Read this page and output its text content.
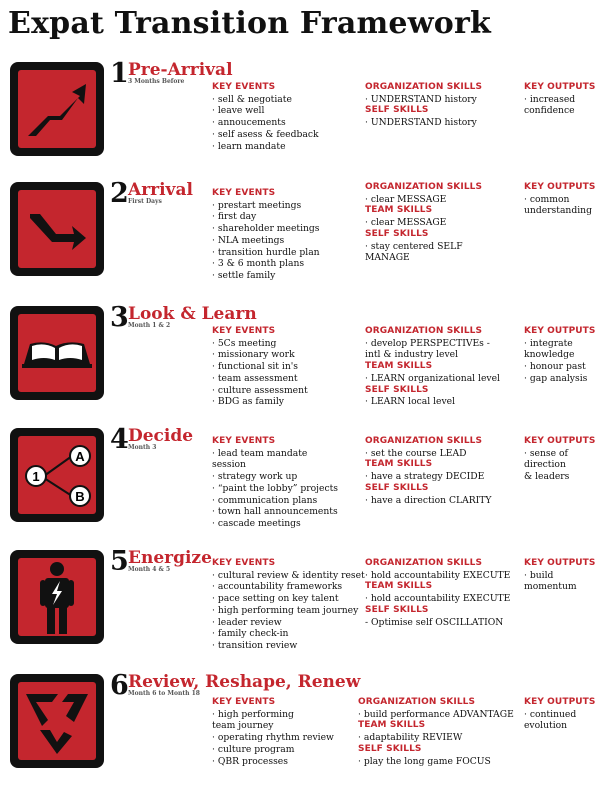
Expat Transition Framework
1 Pre-Arrival
3 Months Before
KEY EVENTS
· sell & negotiate
· leave well
· annoucements
· self asess & feedback
· learn mandate
ORGANIZATION SKILLS
· UNDERSTAND history
SELF SKILLS
· UNDERSTAND history
KEY OUTPUTS
· increased
confidence
2 Arrival
First Days
KEY EVENTS
· prestart meetings
· first day
· shareholder meetings
· NLA meetings
· transition hurdle plan
· 3 & 6 month plans
· settle family
ORGANIZATION SKILLS
· clear MESSAGE
TEAM SKILLS
· clear MESSAGE
SELF SKILLS
· stay centered SELF
MANAGE
KEY OUTPUTS
· common
understanding
3 Look & Learn
Month 1 & 2
KEY EVENTS
· 5Cs meeting
· missionary work
· functional sit in's
· team assessment
· culture assessment
· BDG as family
ORGANIZATION SKILLS
· develop PERSPECTIVEs -
intl & industry level
TEAM SKILLS
· LEARN organizational level
SELF SKILLS
· LEARN local level
KEY OUTPUTS
· integrate
knowledge
· honour past
· gap analysis
1
A
B
4 Decide
Month 3
KEY EVENTS
· lead team mandate
session
· strategy work up
· “paint the lobby” projects
· communication plans
· town hall announcements
· cascade meetings
ORGANIZATION SKILLS
· set the course LEAD
TEAM SKILLS
· have a strategy DECIDE
SELF SKILLS
· have a direction CLARITY
KEY OUTPUTS
· sense of
direction
& leaders
5 Energize
Month 4 & 5
KEY EVENTS
· cultural review & identity reset
· accountability frameworks
· pace setting on key talent
· high performing team journey
· leader review
· family check-in
· transition review
ORGANIZATION SKILLS
· hold accountability EXECUTE
TEAM SKILLS
· hold accountability EXECUTE
SELF SKILLS
- Optimise self OSCILLATION
KEY OUTPUTS
· build
momentum
6 Review, Reshape, Renew
Month 6 to Month 18
KEY EVENTS
· high performing
team journey
· operating rhythm review
· culture program
· QBR processes
ORGANIZATION SKILLS
· build performance ADVANTAGE
TEAM SKILLS
· adaptability REVIEW
SELF SKILLS
· play the long game FOCUS
KEY OUTPUTS
· continued
evolution
